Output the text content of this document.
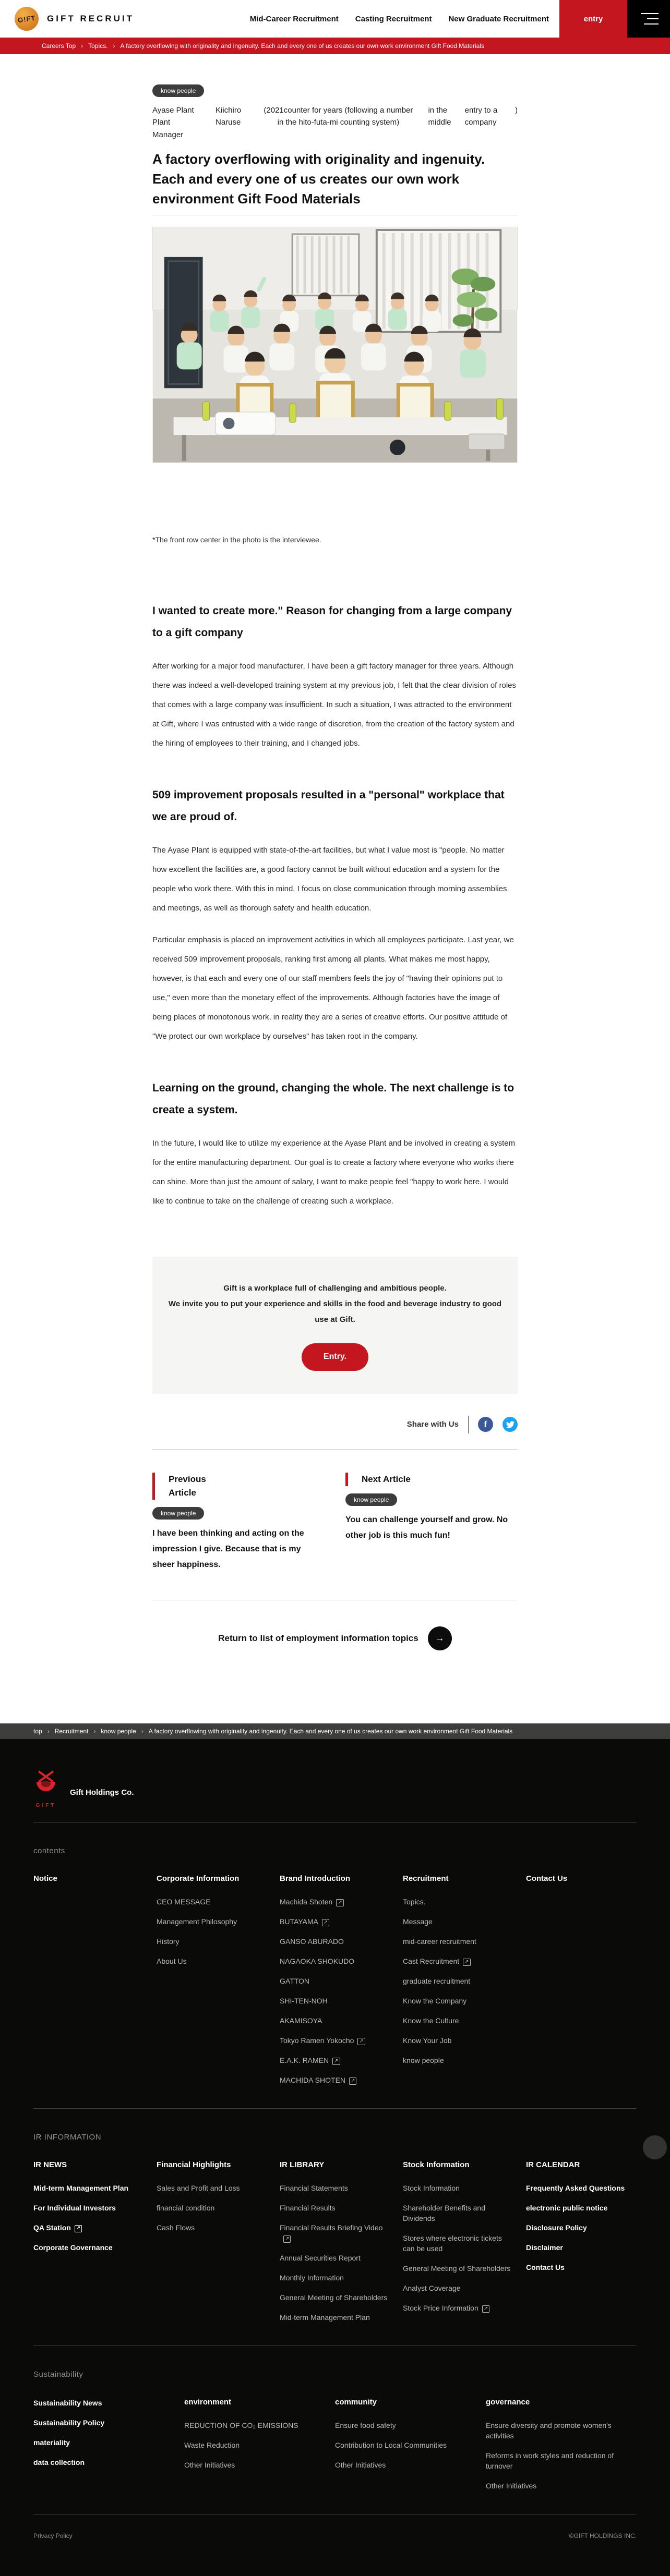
G!FT GIFT RECRUIT	Mid-Career Recruitment Casting Recruitment New Graduate Recruitment	entry
Careers Top › Topics. › A factory overflowing with originality and ingenuity. Each and every one of us creates our own work environment Gift Food Materials
know people
Ayase Plant Plant Manager
Kiichiro Naruse
(2021counter for years (following a number in the hito-futa-mi counting system)
in the middle
entry to a company
)
A factory overflowing with originality and ingenuity. Each and every one of us creates our own work environment Gift Food Materials

*The front row center in the photo is the interviewee.

I wanted to create more." Reason for changing from a large company to a gift company

After working for a major food manufacturer, I have been a gift factory manager for three years. Although there was indeed a well-developed training system at my previous job, I felt that the clear division of roles that comes with a large company was insufficient. In such a situation, I was attracted to the environment at Gift, where I was entrusted with a wide range of discretion, from the creation of the factory system and the hiring of employees to their training, and I changed jobs.

509 improvement proposals resulted in a "personal" workplace that we are proud of.

The Ayase Plant is equipped with state-of-the-art facilities, but what I value most is "people. No matter how excellent the facilities are, a good factory cannot be built without education and a system for the people who work there. With this in mind, I focus on close communication through morning assemblies and meetings, as well as thorough safety and health education.

Particular emphasis is placed on improvement activities in which all employees participate. Last year, we received 509 improvement proposals, ranking first among all plants. What makes me most happy, however, is that each and every one of our staff members feels the joy of "having their opinions put to use," even more than the monetary effect of the improvements. Although factories have the image of being places of monotonous work, in reality they are a series of creative efforts. Our positive attitude of "We protect our own workplace by ourselves" has taken root in the company.

Learning on the ground, changing the whole. The next challenge is to create a system.

In the future, I would like to utilize my experience at the Ayase Plant and be involved in creating a system for the entire manufacturing department. Our goal is to create a factory where everyone who works there can shine. More than just the amount of salary, I want to make people feel "happy to work here. I would like to continue to take on the challenge of creating such a workplace.

Gift is a workplace full of challenging and ambitious people.

We invite you to put your experience and skills in the food and beverage industry to good use at Gift.

Entry.
Share with Us	f
Previous Article
know people
I have been thinking and acting on the impression I give. Because that is my sheer happiness.
Next Article
know people
You can challenge yourself and grow. No other job is this much fun!
Return to list of employment information topics	→
top › Recruitment › know people › A factory overflowing with originality and ingenuity. Each and every one of us creates our own work environment Gift Food Materials
GIFT
Gift Holdings Co.
contents
Notice	Corporate Information
CEO MESSAGE
Management Philosophy
History
About Us
Brand Introduction
Machida Shoten↗
BUTAYAMA↗
GANSO ABURADO
NAGAOKA SHOKUDO
GATTON
SHI-TEN-NOH
AKAMISOYA
Tokyo Ramen Yokocho↗
E.A.K. RAMEN↗
MACHIDA SHOTEN↗
Recruitment
Topics.
Message
mid-career recruitment
Cast Recruitment↗
graduate recruitment
Know the Company
Know the Culture
Know Your Job
know people
Contact Us
IR INFORMATION
IR NEWS
Mid-term Management Plan
For Individual Investors
QA Station↗
Corporate Governance
Financial Highlights
Sales and Profit and Loss
financial condition
Cash Flows
IR LIBRARY
Financial Statements
Financial Results
Financial Results Briefing Video↗
Annual Securities Report
Monthly Information
General Meeting of Shareholders
Mid-term Management Plan
Stock Information
Stock Information
Shareholder Benefits and Dividends
Stores where electronic tickets can be used
General Meeting of Shareholders
Analyst Coverage
Stock Price Information↗
IR CALENDAR
Frequently Asked Questions
electronic public notice
Disclosure Policy
Disclaimer
Contact Us
Sustainability
Sustainability News
Sustainability Policy
materiality
data collection
environment
REDUCTION OF CO₂ EMISSIONS
Waste Reduction
Other Initiatives
community
Ensure food safety
Contribution to Local Communities
Other Initiatives
governance
Ensure diversity and promote women's activities
Reforms in work styles and reduction of turnover
Other Initiatives
Privacy Policy	©GIFT HOLDINGS INC.
